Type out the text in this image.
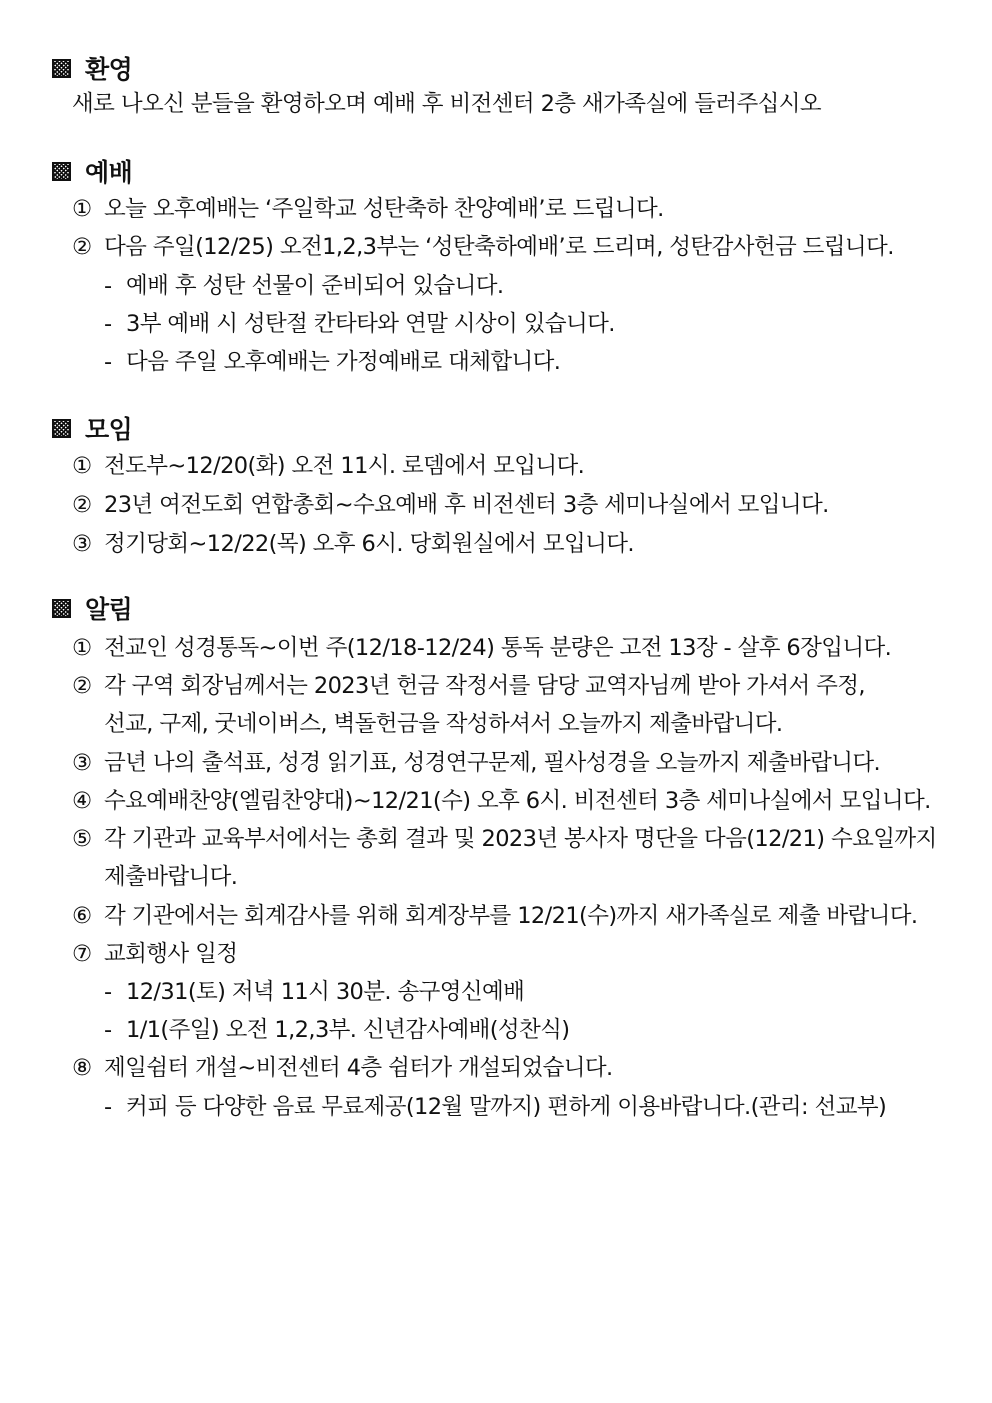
환영
새로 나오신 분들을 환영하오며 예배 후 비전센터 2층 새가족실에 들러주십시오
예배
① 오늘 오후예배는 ‘주일학교 성탄축하 찬양예배’로 드립니다.
② 다음 주일(12/25) 오전1,2,3부는 ‘성탄축하예배’로 드리며, 성탄감사헌금 드립니다.
- 예배 후 성탄 선물이 준비되어 있습니다.
- 3부 예배 시 성탄절 칸타타와 연말 시상이 있습니다.
- 다음 주일 오후예배는 가정예배로 대체합니다.
모임
① 전도부~12/20(화) 오전 11시. 로뎀에서 모입니다.
② 23년 여전도회 연합총회~수요예배 후 비전센터 3층 세미나실에서 모입니다.
③ 정기당회~12/22(목) 오후 6시. 당회원실에서 모입니다.
알림
① 전교인 성경통독~이번 주(12/18-12/24) 통독 분량은 고전 13장 - 살후 6장입니다.
② 각 구역 회장님께서는 2023년 헌금 작정서를 담당 교역자님께 받아 가셔서 주정,
선교, 구제, 굿네이버스, 벽돌헌금을 작성하셔서 오늘까지 제출바랍니다.
③ 금년 나의 출석표, 성경 읽기표, 성경연구문제, 필사성경을 오늘까지 제출바랍니다.
④ 수요예배찬양(엘림찬양대)~12/21(수) 오후 6시. 비전센터 3층 세미나실에서 모입니다.
⑤ 각 기관과 교육부서에서는 총회 결과 및 2023년 봉사자 명단을 다음(12/21) 수요일까지
제출바랍니다.
⑥ 각 기관에서는 회계감사를 위해 회계장부를 12/21(수)까지 새가족실로 제출 바랍니다.
⑦ 교회행사 일정
- 12/31(토) 저녁 11시 30분. 송구영신예배
- 1/1(주일) 오전 1,2,3부. 신년감사예배(성찬식)
⑧ 제일쉼터 개설~비전센터 4층 쉼터가 개설되었습니다.
- 커피 등 다양한 음료 무료제공(12월 말까지) 편하게 이용바랍니다.(관리: 선교부)
